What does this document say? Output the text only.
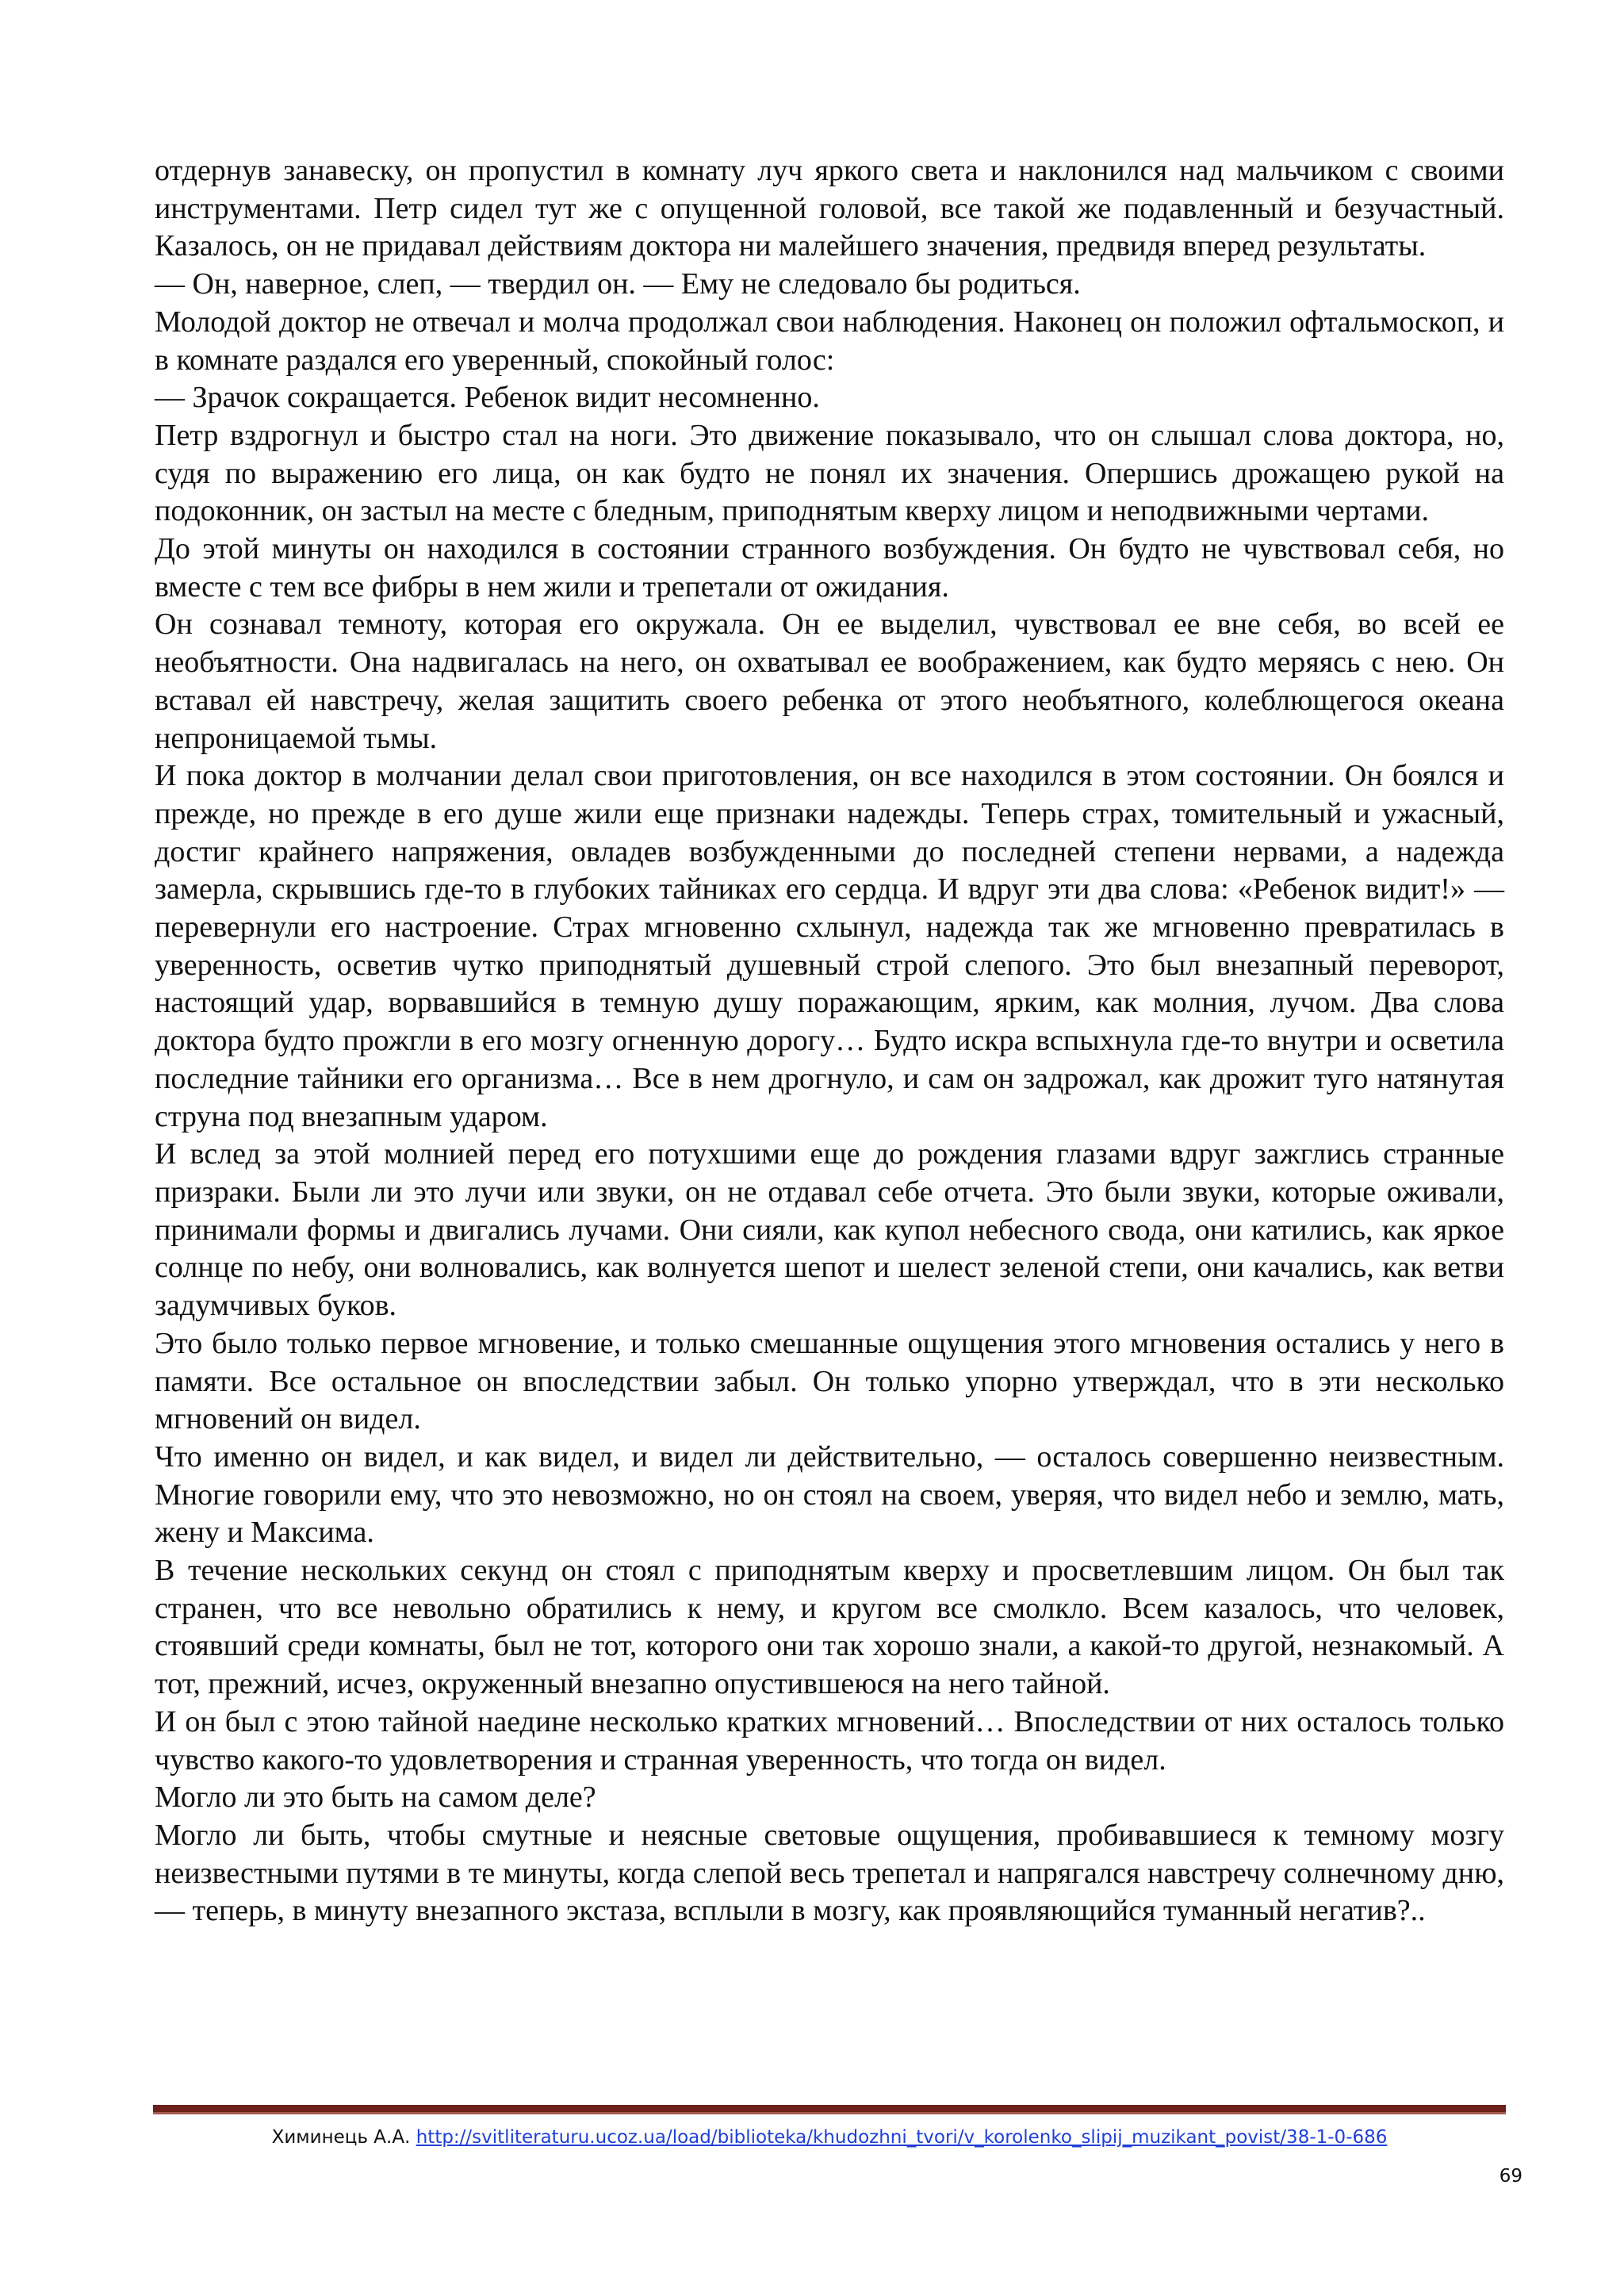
отдернув занавеску, он пропустил в комнату луч яркого света и наклонился над мальчиком с своими инструментами. Петр сидел тут же с опущенной головой, все такой же подавленный и безучастный. Казалось, он не придавал действиям доктора ни малейшего значения, предвидя вперед результаты.

— Он, наверное, слеп, — твердил он. — Ему не следовало бы родиться.

Молодой доктор не отвечал и молча продолжал свои наблюдения. Наконец он положил офтальмоскоп, и в комнате раздался его уверенный, спокойный голос:

— Зрачок сокращается. Ребенок видит несомненно.

Петр вздрогнул и быстро стал на ноги. Это движение показывало, что он слышал слова доктора, но, судя по выражению его лица, он как будто не понял их значения. Опершись дрожащею рукой на подоконник, он застыл на месте с бледным, приподнятым кверху лицом и неподвижными чертами.

До этой минуты он находился в состоянии странного возбуждения. Он будто не чувствовал себя, но вместе с тем все фибры в нем жили и трепетали от ожидания.

Он сознавал темноту, которая его окружала. Он ее выделил, чувствовал ее вне себя, во всей ее необъятности. Она надвигалась на него, он охватывал ее воображением, как будто меряясь с нею. Он вставал ей навстречу, желая защитить своего ребенка от этого необъятного, колеблющегося океана непроницаемой тьмы.

И пока доктор в молчании делал свои приготовления, он все находился в этом состоянии. Он боялся и прежде, но прежде в его душе жили еще признаки надежды. Теперь страх, томительный и ужасный, достиг крайнего напряжения, овладев возбужденными до последней степени нервами, а надежда замерла, скрывшись где-то в глубоких тайниках его сердца. И вдруг эти два слова: «Ребенок видит!» — перевернули его настроение. Страх мгновенно схлынул, надежда так же мгновенно превратилась в уверенность, осветив чутко приподнятый душевный строй слепого. Это был внезапный переворот, настоящий удар, ворвавшийся в темную душу поражающим, ярким, как молния, лучом. Два слова доктора будто прожгли в его мозгу огненную дорогу… Будто искра вспыхнула где-то внутри и осветила последние тайники его организма… Все в нем дрогнуло, и сам он задрожал, как дрожит туго натянутая струна под внезапным ударом.

И вслед за этой молнией перед его потухшими еще до рождения глазами вдруг зажглись странные призраки. Были ли это лучи или звуки, он не отдавал себе отчета. Это были звуки, которые оживали, принимали формы и двигались лучами. Они сияли, как купол небесного свода, они катились, как яркое солнце по небу, они волновались, как волнуется шепот и шелест зеленой степи, они качались, как ветви задумчивых буков.

Это было только первое мгновение, и только смешанные ощущения этого мгновения остались у него в памяти. Все остальное он впоследствии забыл. Он только упорно утверждал, что в эти несколько мгновений он видел.

Что именно он видел, и как видел, и видел ли действительно, — осталось совершенно неизвестным. Многие говорили ему, что это невозможно, но он стоял на своем, уверяя, что видел небо и землю, мать, жену и Максима.

В течение нескольких секунд он стоял с приподнятым кверху и просветлевшим лицом. Он был так странен, что все невольно обратились к нему, и кругом все смолкло. Всем казалось, что человек, стоявший среди комнаты, был не тот, которого они так хорошо знали, а какой-то другой, незнакомый. А тот, прежний, исчез, окруженный внезапно опустившеюся на него тайной.

И он был с этою тайной наедине несколько кратких мгновений… Впоследствии от них осталось только чувство какого-то удовлетворения и странная уверенность, что тогда он видел.

Могло ли это быть на самом деле?

Могло ли быть, чтобы смутные и неясные световые ощущения, пробивавшиеся к темному мозгу неизвестными путями в те минуты, когда слепой весь трепетал и напрягался навстречу солнечному дню, — теперь, в минуту внезапного экстаза, всплыли в мозгу, как проявляющийся туманный негатив?..

Химинець А.А. http://svitliteraturu.ucoz.ua/load/biblioteka/khudozhni_tvori/v_korolenko_slipij_muzikant_povist/38-1-0-686
69
